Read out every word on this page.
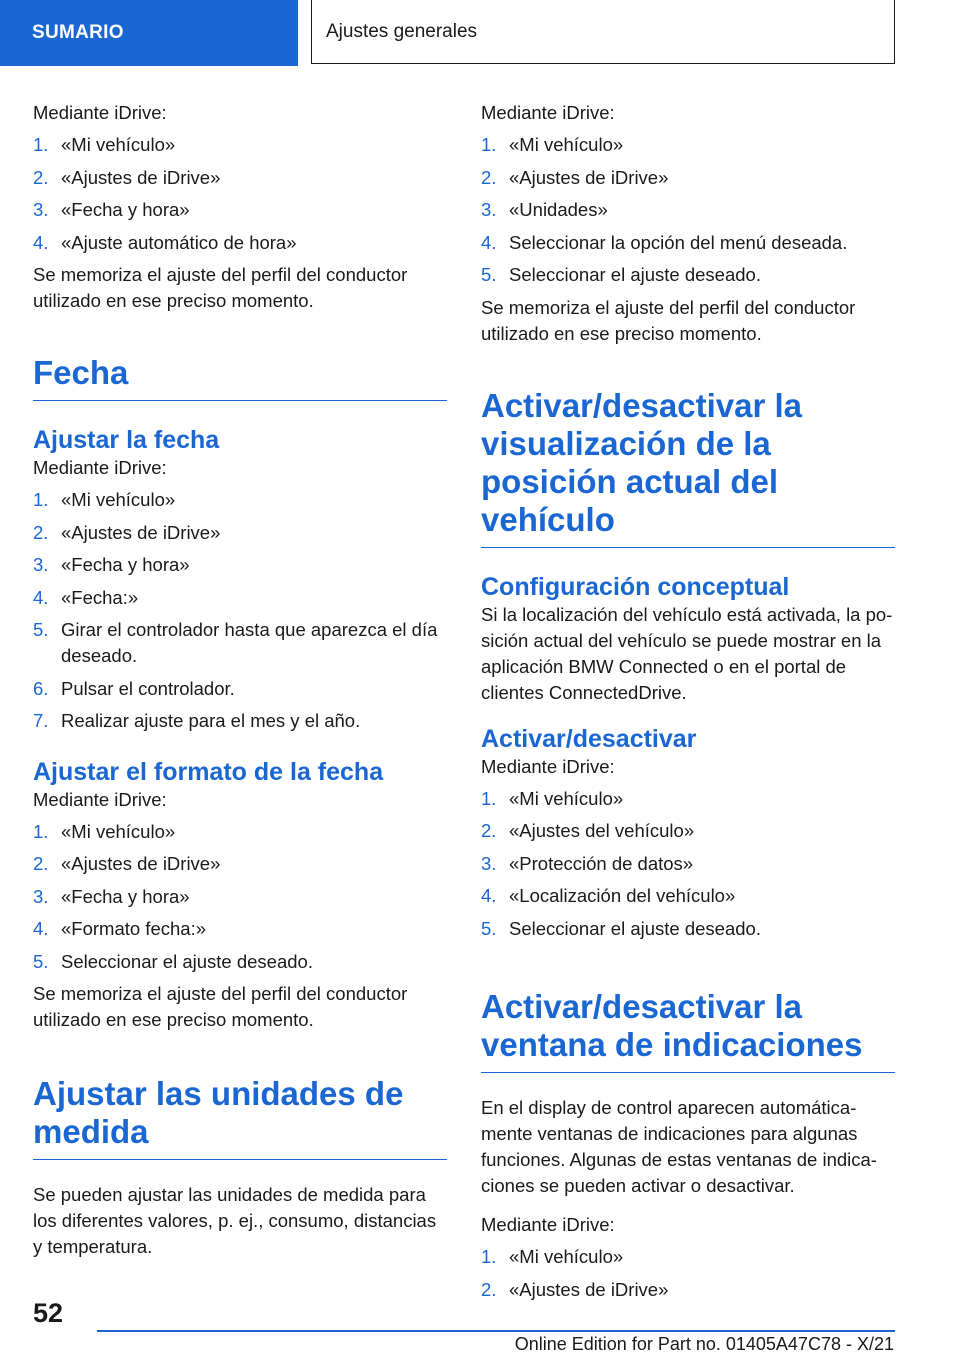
SUMARIO	Ajustes generales

Mediante iDrive:

1. «Mi vehículo»
2. «Ajustes de iDrive»
3. «Fecha y hora»
4. «Ajuste automático de hora»

Se memoriza el ajuste del perfil del conductor utilizado en ese preciso momento.

Fecha
Ajustar la fecha

Mediante iDrive:

1. «Mi vehículo»
2. «Ajustes de iDrive»
3. «Fecha y hora»
4. «Fecha:»
5. Girar el controlador hasta que aparezca el día deseado.
6. Pulsar el controlador.
7. Realizar ajuste para el mes y el año.
Ajustar el formato de la fecha

Mediante iDrive:

1. «Mi vehículo»
2. «Ajustes de iDrive»
3. «Fecha y hora»
4. «Formato fecha:»
5. Seleccionar el ajuste deseado.

Se memoriza el ajuste del perfil del conductor utilizado en ese preciso momento.

Ajustar las unidades de medida

Se pueden ajustar las unidades de medida para los diferentes valores, p. ej., consumo, distancias y temperatura.

Mediante iDrive:

1. «Mi vehículo»
2. «Ajustes de iDrive»
3. «Unidades»
4. Seleccionar la opción del menú deseada.
5. Seleccionar el ajuste deseado.

Se memoriza el ajuste del perfil del conductor utilizado en ese preciso momento.

Activar/desactivar la visualización de la posición actual del vehículo
Configuración conceptual

Si la localización del vehículo está activada, la po-sición actual del vehículo se puede mostrar en la aplicación BMW Connected o en el portal de clientes ConnectedDrive.

Activar/desactivar

Mediante iDrive:

1. «Mi vehículo»
2. «Ajustes del vehículo»
3. «Protección de datos»
4. «Localización del vehículo»
5. Seleccionar el ajuste deseado.
Activar/desactivar la ventana de indicaciones

En el display de control aparecen automática-mente ventanas de indicaciones para algunas funciones. Algunas de estas ventanas de indica-ciones se pueden activar o desactivar.

Mediante iDrive:

1. «Mi vehículo»
2. «Ajustes de iDrive»
52
Online Edition for Part no. 01405A47C78 - X/21
